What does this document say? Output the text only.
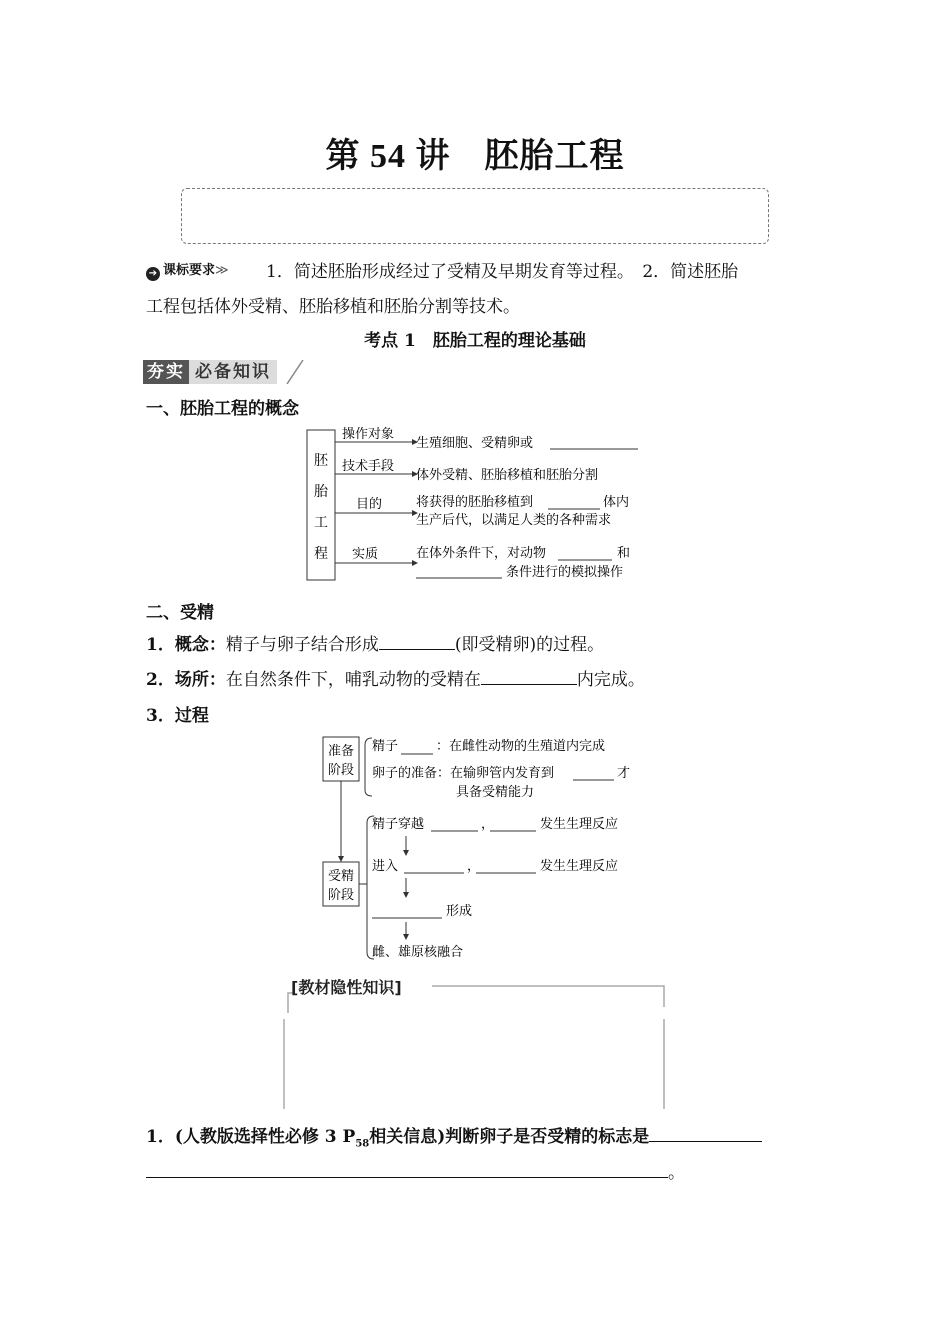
第 54 讲 胚胎工程
➔ 课标要求≫ 1．简述胚胎形成经过了受精及早期发育等过程。　2．简述胚胎
工程包括体外受精、胚胎移植和胚胎分割等技术。
考点 1　胚胎工程的理论基础
夯实 必备知识
一、胚胎工程的概念
胚
胎
工
程
操作对象
生殖细胞、受精卵或
技术手段
体外受精、胚胎移植和胚胎分割
目的	将获得的胚胎移植到	体内
生产后代，以满足人类的各种需求
实质	在体外条件下，对动物	和
条件进行的模拟操作
二、受精
1．概念：精子与卵子结合形成	(即受精卵)的过程。
2．场所：在自然条件下，哺乳动物的受精在	内完成。
3．过程
准备
阶段
受精
阶段
精子	：在雌性动物的生殖道内完成
卵子的准备：在输卵管内发育到	才
具备受精能力
精子穿越	，	发生生理反应
进入	，	发生生理反应
形成
雌、雄原核融合
[教材隐性知识]
1．(人教版选择性必修 3 $P_{58}$相关信息)判断卵子是否受精的标志是
。
